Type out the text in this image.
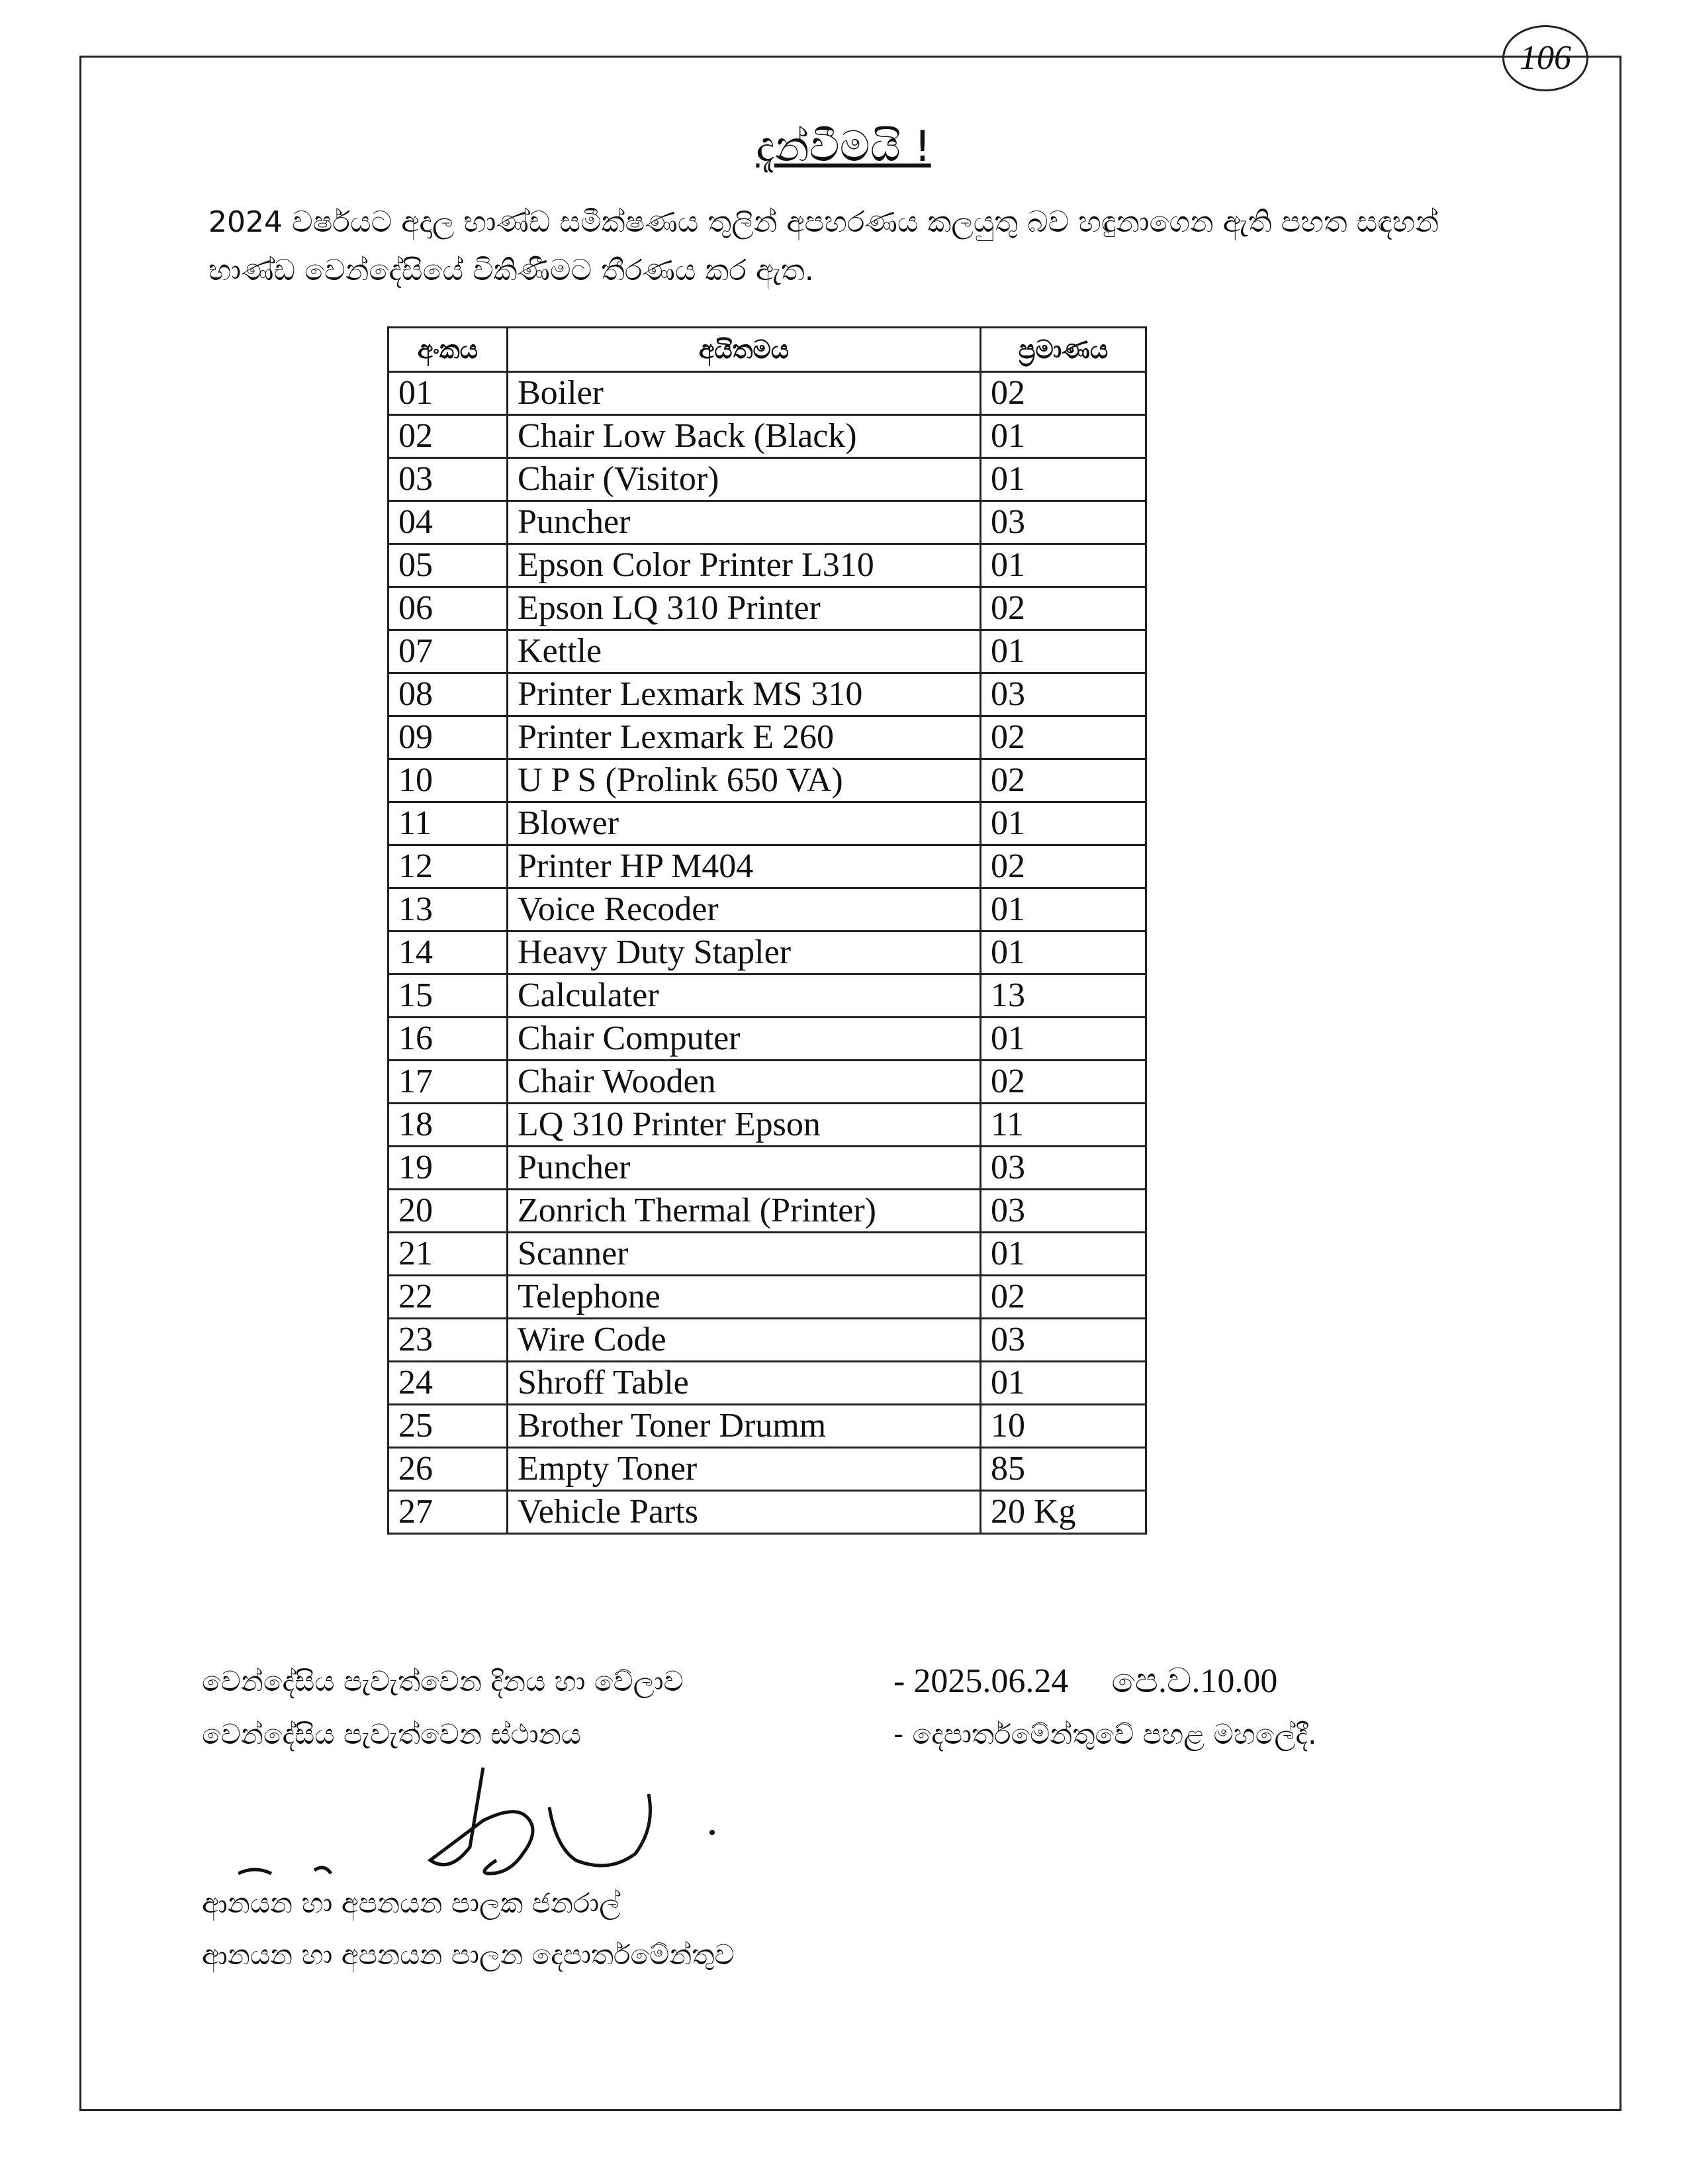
106
දැන්වීමයි !
2024 වර්ෂයට අදාල භාණ්ඩ සමීක්ෂණය තුලින් අපහරණය කලයුතු බව හඳුනාගෙන ඇති පහත සඳහන් භාණ්ඩ වෙන්දේසියේ විකිණීමට තීරණය කර ඇත.
අංකය	අයිතමය	ප්‍රමාණය
01	Boiler	02
02	Chair Low Back (Black)	01
03	Chair (Visitor)	01
04	Puncher	03
05	Epson Color Printer L310	01
06	Epson LQ 310 Printer	02
07	Kettle	01
08	Printer Lexmark MS 310	03
09	Printer Lexmark E 260	02
10	U P S (Prolink 650 VA)	02
11	Blower	01
12	Printer HP M404	02
13	Voice Recoder	01
14	Heavy Duty Stapler	01
15	Calculater	13
16	Chair Computer	01
17	Chair Wooden	02
18	LQ 310 Printer Epson	11
19	Puncher	03
20	Zonrich Thermal (Printer)	03
21	Scanner	01
22	Telephone	02
23	Wire Code	03
24	Shroff Table	01
25	Brother Toner Drumm	10
26	Empty Toner	85
27	Vehicle Parts	20 Kg
වෙන්දේසිය පැවැත්වෙන දිනය හා වේලාව	- 2025.06.24 පෙ.ව.10.00
වෙන්දේසිය පැවැත්වෙන ස්ථානය	- දෙපාර්තමේන්තුවේ පහළ මහලේදී.
ආනයන හා අපනයන පාලක ජනරාල්
ආනයන හා අපනයන පාලන දෙපාර්තමේන්තුව
